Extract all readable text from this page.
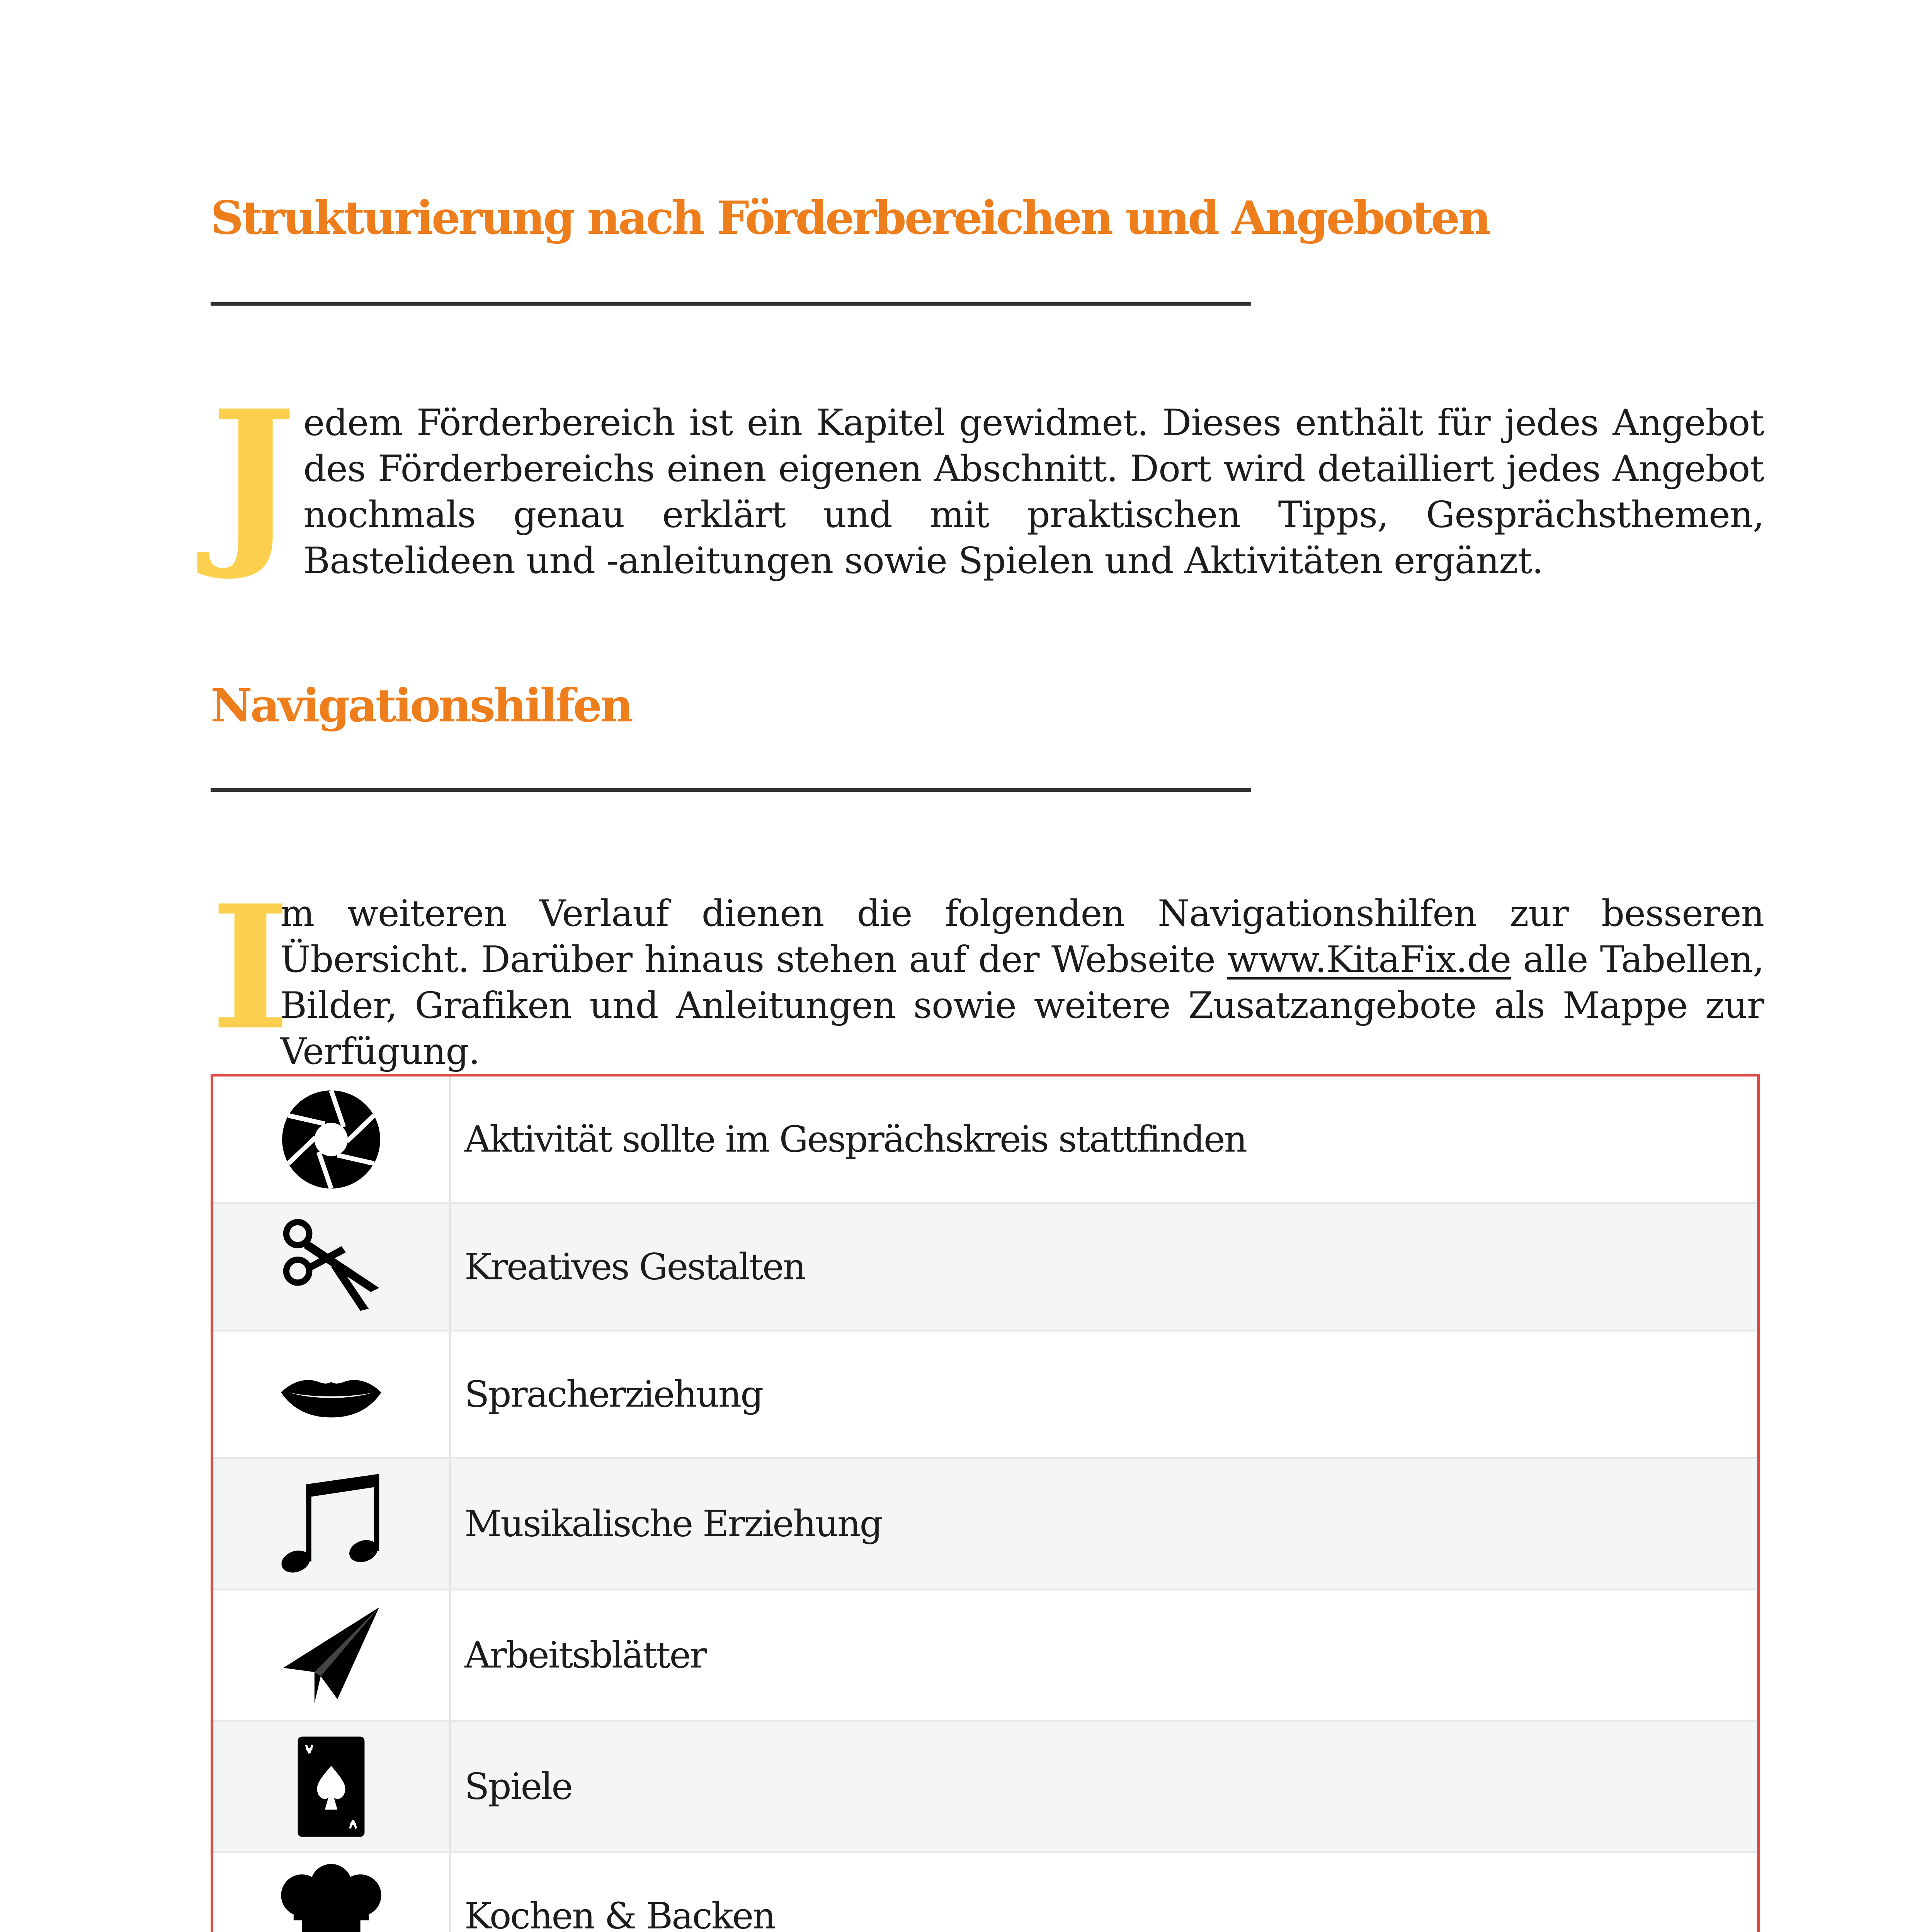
Strukturierung nach Förderbereichen und Angeboten
J edem Förderbereich ist ein Kapitel gewidmet. Dieses enthält für jedes Angebot des Förderbereichs einen eigenen Abschnitt. Dort wird detailliert jedes Angebot nochmals genau erklärt und mit praktischen Tipps, Gesprächsthemen, Bastelideen und -anleitungen sowie Spielen und Aktivitäten ergänzt.
Navigationshilfen
I
m weiteren Verlauf dienen die folgenden Navigationshilfen zur besseren Übersicht. Darüber hinaus stehen auf der Webseite www.KitaFix.de alle Tabellen, Bilder, Grafiken und Anleitungen sowie weitere Zusatzangebote als Mappe zur Verfügung.
Aktivität sollte im Gesprächskreis stattfinden
Kreatives Gestalten
Spracherziehung
Musikalische Erziehung
Arbeitsblätter
Spiele
Kochen & Backen
